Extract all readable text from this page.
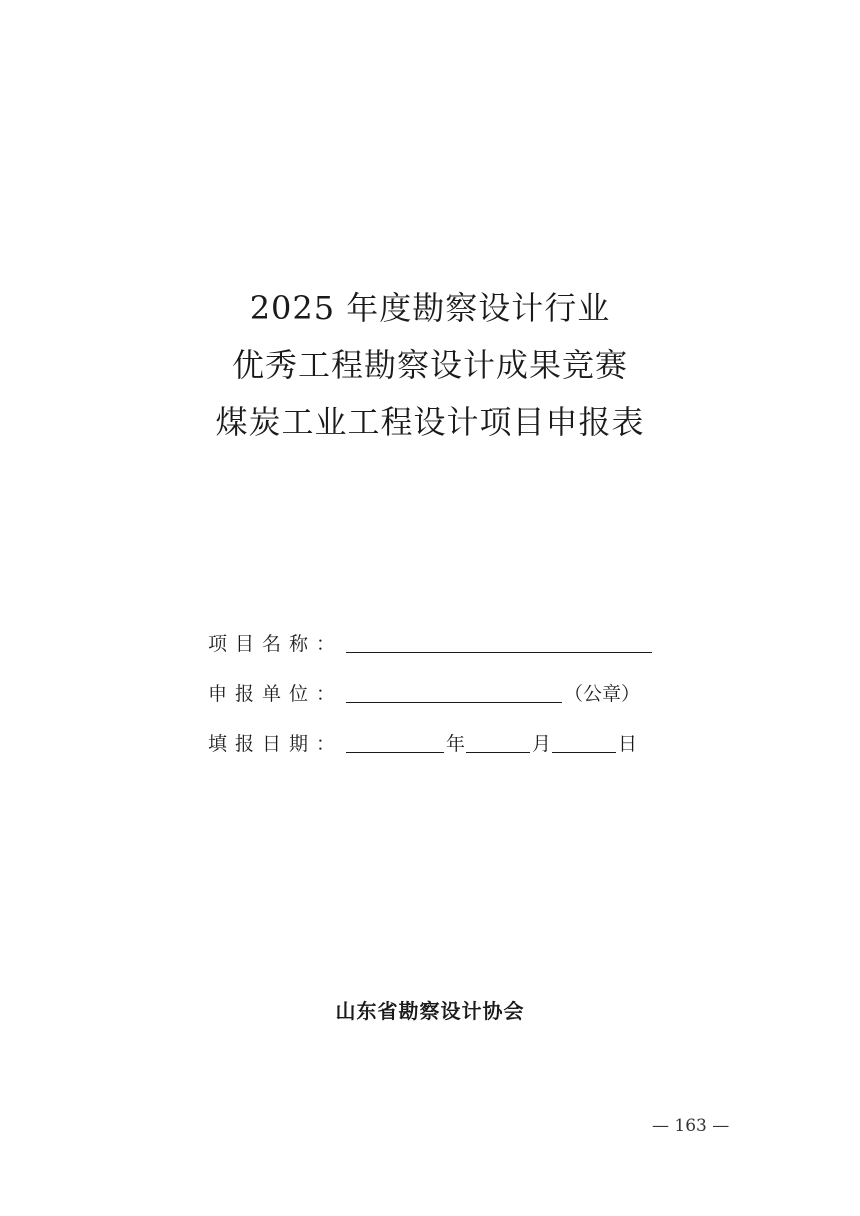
2025 年度勘察设计行业
优秀工程勘察设计成果竞赛
煤炭工业工程设计项目申报表
项目名称：
申报单位：	（公章）
填报日期：	年	月	日
山东省勘察设计协会
— 163 —
